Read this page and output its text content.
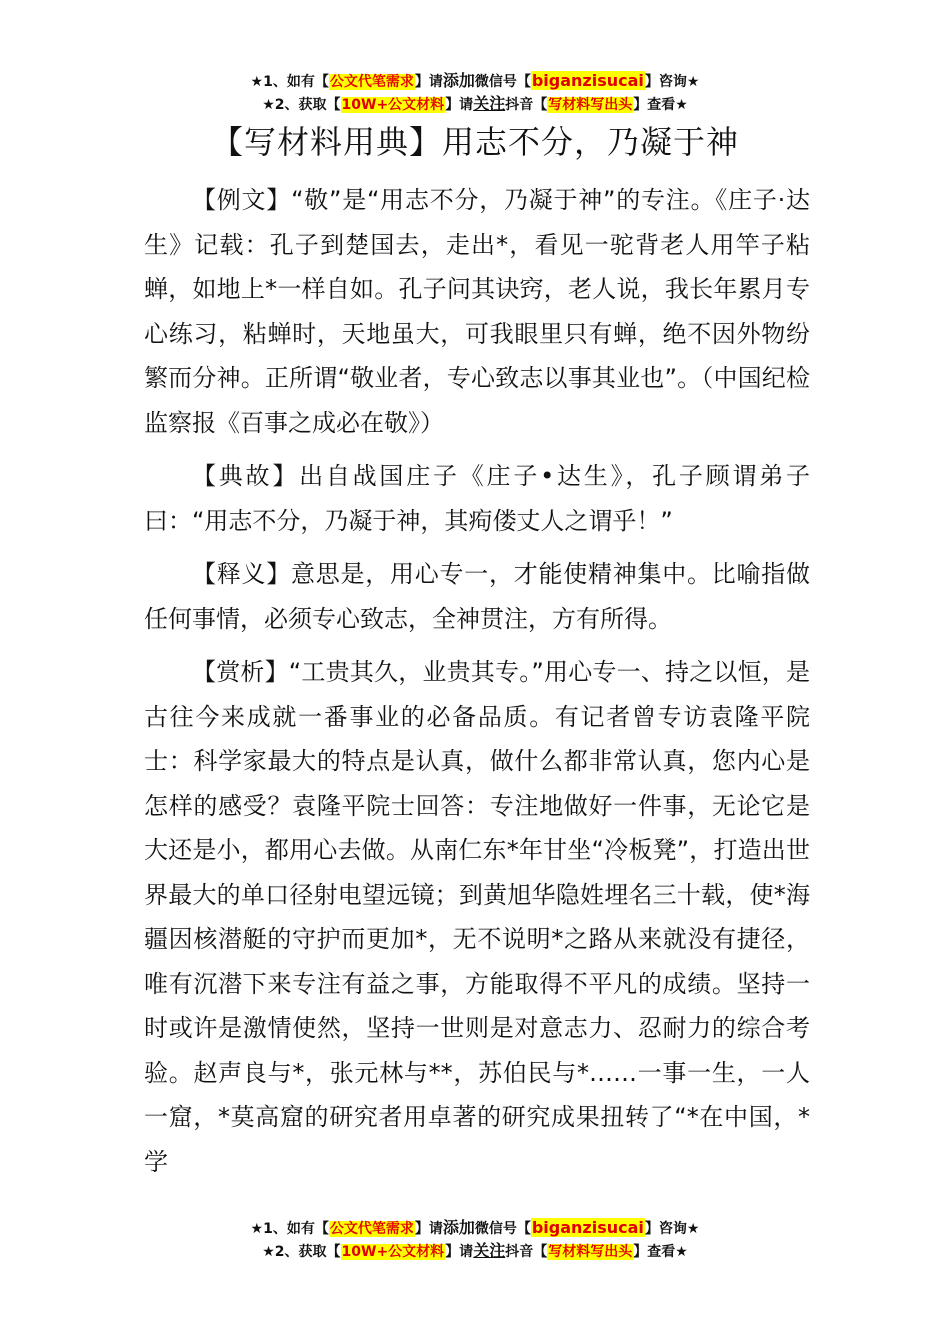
★1、如有【公文代笔需求】请添加微信号【biganzisucai】咨询★
★2、获取【10W+公文材料】请关注抖音【写材料写出头】查看★
【写材料用典】用志不分，乃凝于神

【例文】“敬”是“用志不分，乃凝于神”的专注。《庄子·达生》记载：孔子到楚国去，走出*，看见一驼背老人用竿子粘蝉，如地上*一样自如。孔子问其诀窍，老人说，我长年累月专心练习，粘蝉时，天地虽大，可我眼里只有蝉，绝不因外物纷繁而分神。正所谓“敬业者，专心致志以事其业也”。（中国纪检监察报《百事之成必在敬》）

【典故】出自战国庄子《庄子•达生》，孔子顾谓弟子曰：“用志不分，乃凝于神，其痀偻丈人之谓乎！”

【释义】意思是，用心专一，才能使精神集中。比喻指做任何事情，必须专心致志，全神贯注，方有所得。

【赏析】“工贵其久，业贵其专。”用心专一、持之以恒，是古往今来成就一番事业的必备品质。有记者曾专访袁隆平院士：科学家最大的特点是认真，做什么都非常认真，您内心是怎样的感受？袁隆平院士回答：专注地做好一件事，无论它是大还是小，都用心去做。从南仁东*年甘坐“冷板凳”，打造出世界最大的单口径射电望远镜；到黄旭华隐姓埋名三十载，使*海疆因核潜艇的守护而更加*，无不说明*之路从来就没有捷径，唯有沉潜下来专注有益之事，方能取得不平凡的成绩。坚持一时或许是激情使然，坚持一世则是对意志力、忍耐力的综合考验。赵声良与*，张元林与**，苏伯民与*……一事一生，一人一窟，*莫高窟的研究者用卓著的研究成果扭转了“*在中国，*学

★1、如有【公文代笔需求】请添加微信号【biganzisucai】咨询★
★2、获取【10W+公文材料】请关注抖音【写材料写出头】查看★
